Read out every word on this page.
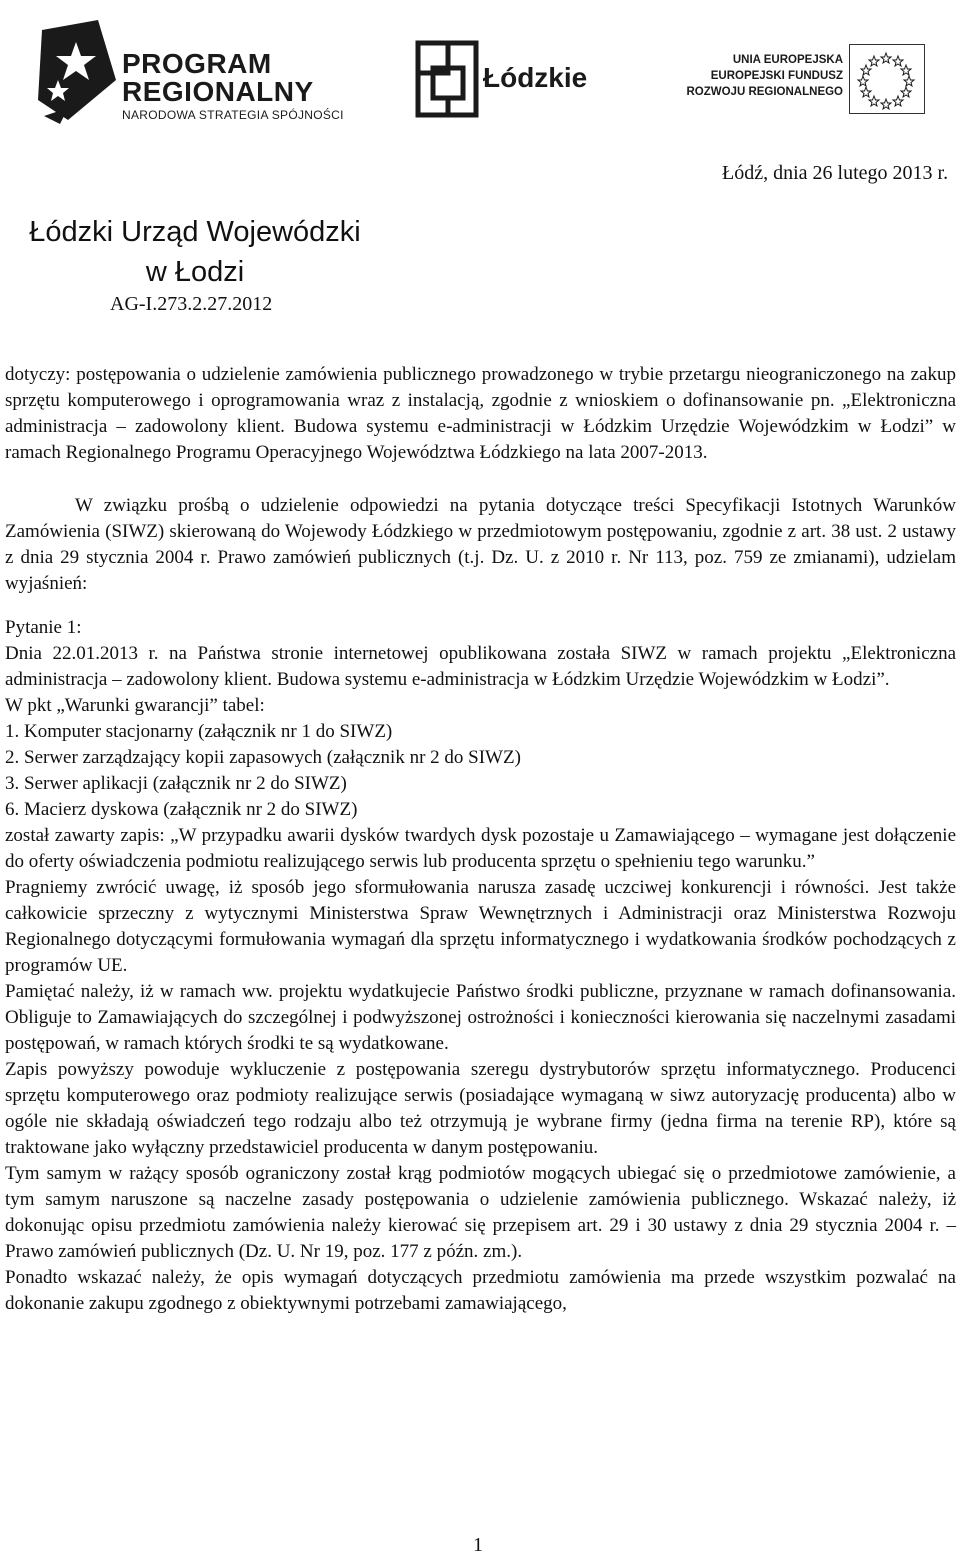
PROGRAM
REGIONALNY
NARODOWA STRATEGIA SPÓJNOŚCI
Łódzkie
UNIA EUROPEJSKA
EUROPEJSKI FUNDUSZ
ROZWOJU REGIONALNEGO
Łódź, dnia 26 lutego 2013 r.
Łódzki Urząd Wojewódzki
w Łodzi
AG-I.273.2.27.2012

dotyczy: postępowania o udzielenie zamówienia publicznego prowadzonego w trybie przetargu nieograniczonego na zakup sprzętu komputerowego i oprogramowania wraz z instalacją, zgodnie z wnioskiem o dofinansowanie pn. „Elektroniczna administracja – zadowolony klient. Budowa systemu e-administracji w Łódzkim Urzędzie Wojewódzkim w Łodzi” w ramach Regionalnego Programu Operacyjnego Województwa Łódzkiego na lata 2007-2013.

W związku prośbą o udzielenie odpowiedzi na pytania dotyczące treści Specyfikacji Istotnych Warunków Zamówienia (SIWZ) skierowaną do Wojewody Łódzkiego w przedmiotowym postępowaniu, zgodnie z art. 38 ust. 2 ustawy z dnia 29 stycznia 2004 r. Prawo zamówień publicznych (t.j. Dz. U. z 2010 r. Nr 113, poz. 759 ze zmianami), udzielam wyjaśnień:

Pytanie 1:

Dnia 22.01.2013 r. na Państwa stronie internetowej opublikowana została SIWZ w ramach projektu „Elektroniczna administracja – zadowolony klient. Budowa systemu e-administracja w Łódzkim Urzędzie Wojewódzkim w Łodzi”.

W pkt „Warunki gwarancji” tabel:

1. Komputer stacjonarny (załącznik nr 1 do SIWZ)

2. Serwer zarządzający kopii zapasowych (załącznik nr 2 do SIWZ)

3. Serwer aplikacji (załącznik nr 2 do SIWZ)

6. Macierz dyskowa (załącznik nr 2 do SIWZ)

został zawarty zapis: „W przypadku awarii dysków twardych dysk pozostaje u Zamawiającego – wymagane jest dołączenie do oferty oświadczenia podmiotu realizującego serwis lub producenta sprzętu o spełnieniu tego warunku.”

Pragniemy zwrócić uwagę, iż sposób jego sformułowania narusza zasadę uczciwej konkurencji i równości. Jest także całkowicie sprzeczny z wytycznymi Ministerstwa Spraw Wewnętrznych i Administracji oraz Ministerstwa Rozwoju Regionalnego dotyczącymi formułowania wymagań dla sprzętu informatycznego i wydatkowania środków pochodzących z programów UE.

Pamiętać należy, iż w ramach ww. projektu wydatkujecie Państwo środki publiczne, przyznane w ramach dofinansowania. Obliguje to Zamawiających do szczególnej i podwyższonej ostrożności i konieczności kierowania się naczelnymi zasadami postępowań, w ramach których środki te są wydatkowane.

Zapis powyższy powoduje wykluczenie z postępowania szeregu dystrybutorów sprzętu informatycznego. Producenci sprzętu komputerowego oraz podmioty realizujące serwis (posiadające wymaganą w siwz autoryzację producenta) albo w ogóle nie składają oświadczeń tego rodzaju albo też otrzymują je wybrane firmy (jedna firma na terenie RP), które są traktowane jako wyłączny przedstawiciel producenta w danym postępowaniu.

Tym samym w rażący sposób ograniczony został krąg podmiotów mogących ubiegać się o przedmiotowe zamówienie, a tym samym naruszone są naczelne zasady postępowania o udzielenie zamówienia publicznego. Wskazać należy, iż dokonując opisu przedmiotu zamówienia należy kierować się przepisem art. 29 i 30 ustawy z dnia 29 stycznia 2004 r. – Prawo zamówień publicznych (Dz. U. Nr 19, poz. 177 z późn. zm.).

Ponadto wskazać należy, że opis wymagań dotyczących przedmiotu zamówienia ma przede wszystkim pozwalać na dokonanie zakupu zgodnego z obiektywnymi potrzebami zamawiającego,

1
